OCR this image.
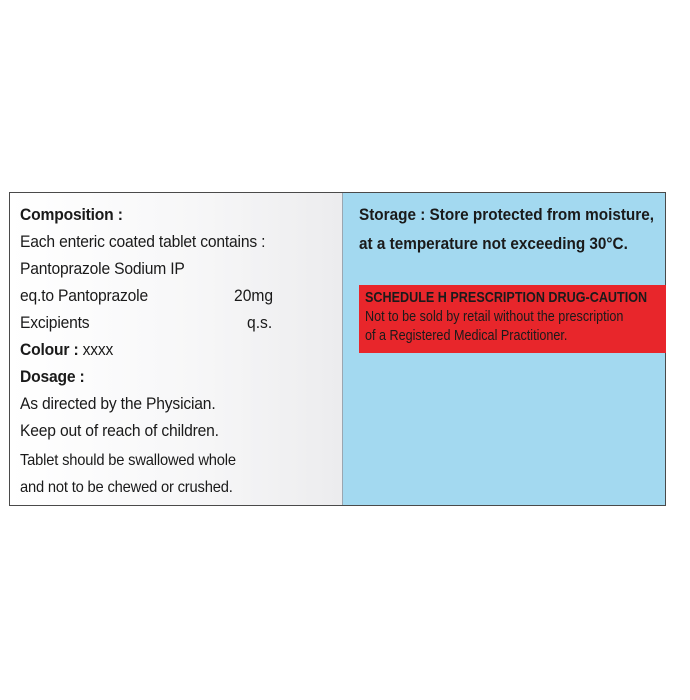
Composition :
Each enteric coated tablet contains :
Pantoprazole Sodium IP
eq.to Pantoprazole	20mg
Excipients	q.s.
Colour : xxxx
Dosage :
As directed by the Physician.
Keep out of reach of children.
Tablet should be swallowed whole
and not to be chewed or crushed.
Storage : Store protected from moisture,
at a temperature not exceeding 30°C.
SCHEDULE H PRESCRIPTION DRUG-CAUTION
Not to be sold by retail without the prescription
of a Registered Medical Practitioner.
